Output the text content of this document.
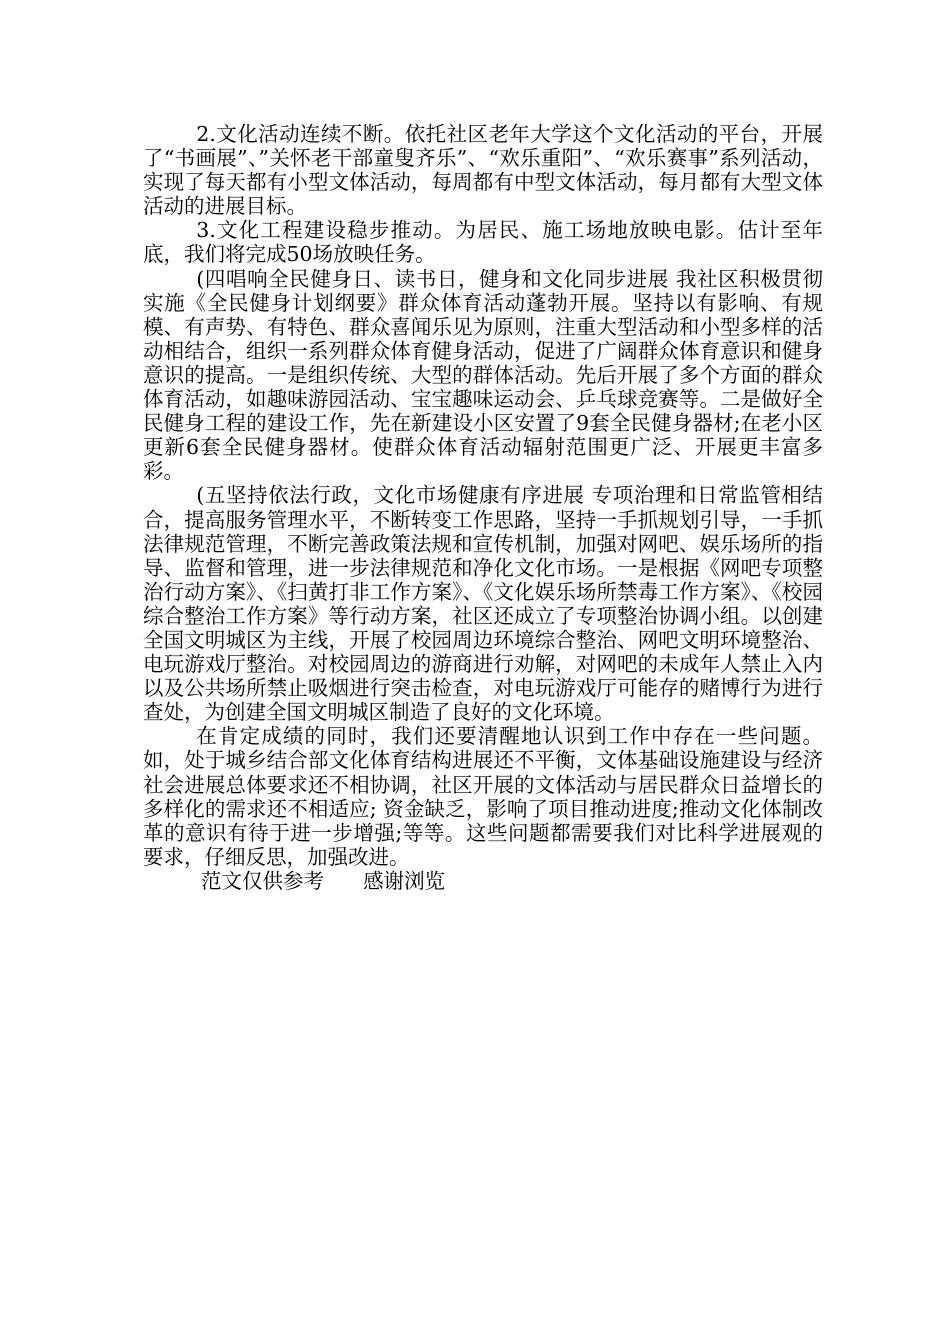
2.文化活动连续不断。依托社区老年大学这个文化活动的平台，开展了“书画展”、”关怀老干部童叟齐乐”、“欢乐重阳”、“欢乐赛事”系列活动，实现了每天都有小型文体活动，每周都有中型文体活动，每月都有大型文体活动的进展目标。

3.文化工程建设稳步推动。为居民、施工场地放映电影。估计至年底，我们将完成50场放映任务。

(四唱响全民健身日、读书日，健身和文化同步进展 我社区积极贯彻实施《全民健身计划纲要》群众体育活动蓬勃开展。坚持以有影响、有规模、有声势、有特色、群众喜闻乐见为原则，注重大型活动和小型多样的活动相结合，组织一系列群众体育健身活动，促进了广阔群众体育意识和健身意识的提高。一是组织传统、大型的群体活动。先后开展了多个方面的群众体育活动，如趣味游园活动、宝宝趣味运动会、乒乓球竞赛等。二是做好全民健身工程的建设工作，先在新建设小区安置了9套全民健身器材;在老小区更新6套全民健身器材。使群众体育活动辐射范围更广泛、开展更丰富多彩。

(五坚持依法行政，文化市场健康有序进展 专项治理和日常监管相结合，提高服务管理水平，不断转变工作思路，坚持一手抓规划引导，一手抓法律规范管理，不断完善政策法规和宣传机制，加强对网吧、娱乐场所的指导、监督和管理，进一步法律规范和净化文化市场。一是根据《网吧专项整治行动方案》、《扫黄打非工作方案》、《文化娱乐场所禁毒工作方案》、《校园综合整治工作方案》等行动方案，社区还成立了专项整治协调小组。以创建全国文明城区为主线，开展了校园周边环境综合整治、网吧文明环境整治、电玩游戏厅整治。对校园周边的游商进行劝解，对网吧的未成年人禁止入内以及公共场所禁止吸烟进行突击检查，对电玩游戏厅可能存的赌博行为进行查处，为创建全国文明城区制造了良好的文化环境。

在肯定成绩的同时，我们还要清醒地认识到工作中存在一些问题。如，处于城乡结合部文化体育结构进展还不平衡，文体基础设施建设与经济社会进展总体要求还不相协调，社区开展的文体活动与居民群众日益增长的多样化的需求还不相适应; 资金缺乏，影响了项目推动进度;推动文化体制改革的意识有待于进一步增强;等等。这些问题都需要我们对比科学进展观的要求，仔细反思，加强改进。

范文仅供参考      感谢浏览
